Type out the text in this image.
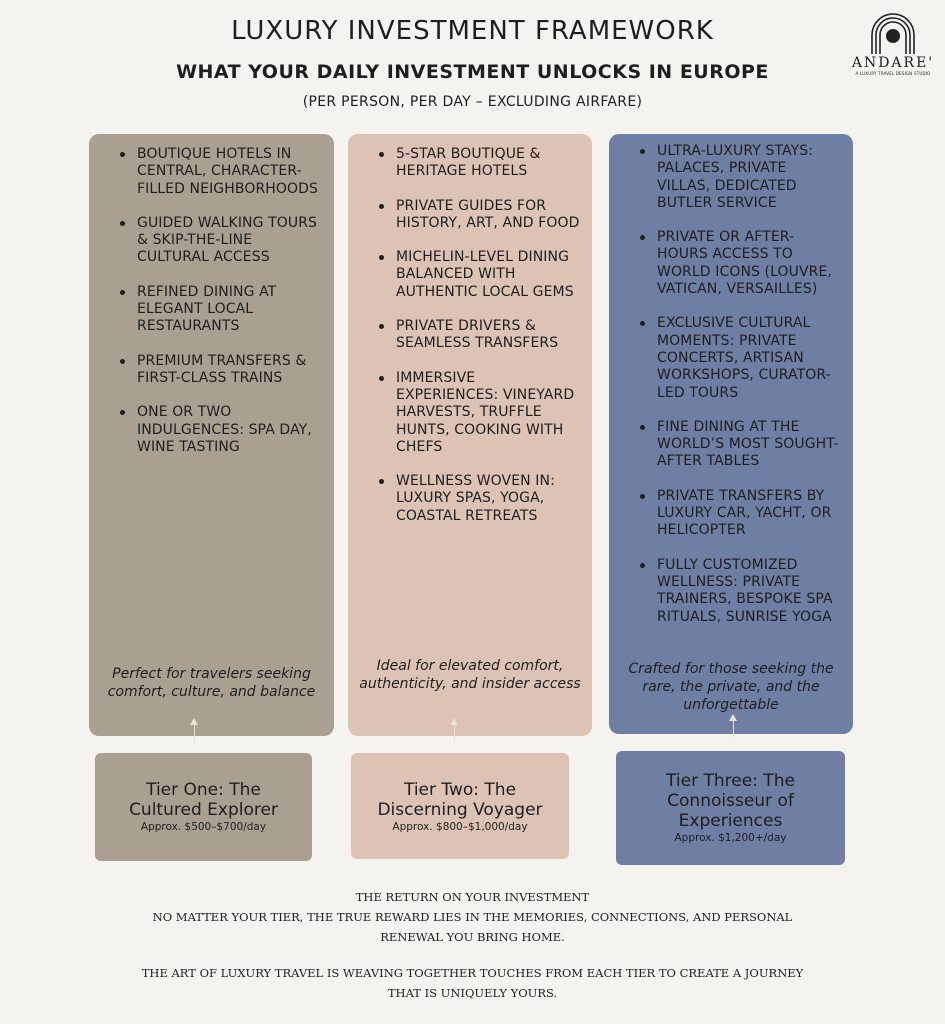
LUXURY INVESTMENT FRAMEWORK
WHAT YOUR DAILY INVESTMENT UNLOCKS IN EUROPE
(PER PERSON, PER DAY – EXCLUDING AIRFARE)
ANDARE'
A LUXURY TRAVEL DESIGN STUDIO
BOUTIQUE HOTELS IN CENTRAL, CHARACTER-FILLED NEIGHBORHOODS
GUIDED WALKING TOURS & SKIP-THE-LINE CULTURAL ACCESS
REFINED DINING AT ELEGANT LOCAL RESTAURANTS
PREMIUM TRANSFERS & FIRST-CLASS TRAINS
ONE OR TWO INDULGENCES: SPA DAY, WINE TASTING

Perfect for travelers seeking comfort, culture, and balance

5-STAR BOUTIQUE & HERITAGE HOTELS
PRIVATE GUIDES FOR HISTORY, ART, AND FOOD
MICHELIN-LEVEL DINING BALANCED WITH AUTHENTIC LOCAL GEMS
PRIVATE DRIVERS & SEAMLESS TRANSFERS
IMMERSIVE EXPERIENCES: VINEYARD HARVESTS, TRUFFLE HUNTS, COOKING WITH CHEFS
WELLNESS WOVEN IN: LUXURY SPAS, YOGA, COASTAL RETREATS

Ideal for elevated comfort, authenticity, and insider access

ULTRA-LUXURY STAYS: PALACES, PRIVATE VILLAS, DEDICATED BUTLER SERVICE
PRIVATE OR AFTER-HOURS ACCESS TO WORLD ICONS (LOUVRE, VATICAN, VERSAILLES)
EXCLUSIVE CULTURAL MOMENTS: PRIVATE CONCERTS, ARTISAN WORKSHOPS, CURATOR-LED TOURS
FINE DINING AT THE WORLD’S MOST SOUGHT-AFTER TABLES
PRIVATE TRANSFERS BY LUXURY CAR, YACHT, OR HELICOPTER
FULLY CUSTOMIZED WELLNESS: PRIVATE TRAINERS, BESPOKE SPA RITUALS, SUNRISE YOGA

Crafted for those seeking the rare, the private, and the unforgettable

Tier One: The Cultured Explorer
Approx. $500–$700/day
Tier Two: The Discerning Voyager
Approx. $800–$1,000/day
Tier Three: The Connoisseur of Experiences
Approx. $1,200+/day
THE RETURN ON YOUR INVESTMENT
NO MATTER YOUR TIER, THE TRUE REWARD LIES IN THE MEMORIES, CONNECTIONS, AND PERSONAL RENEWAL YOU BRING HOME.
THE ART OF LUXURY TRAVEL IS WEAVING TOGETHER TOUCHES FROM EACH TIER TO CREATE A JOURNEY THAT IS UNIQUELY YOURS.
